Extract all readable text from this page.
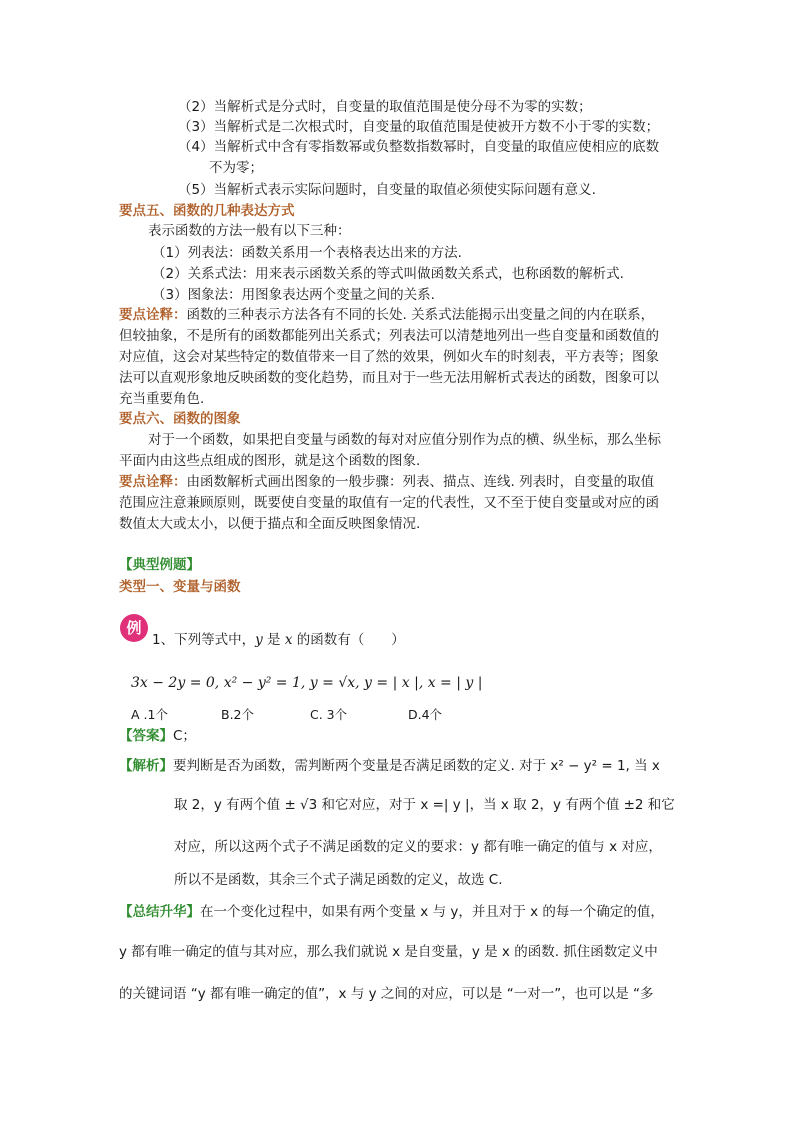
（2）当解析式是分式时，自变量的取值范围是使分母不为零的实数；
（3）当解析式是二次根式时，自变量的取值范围是使被开方数不小于零的实数；
（4）当解析式中含有零指数幂或负整数指数幂时，自变量的取值应使相应的底数
不为零；
（5）当解析式表示实际问题时，自变量的取值必须使实际问题有意义.
要点五、函数的几种表达方式
表示函数的方法一般有以下三种：
（1）列表法：函数关系用一个表格表达出来的方法.
（2）关系式法：用来表示函数关系的等式叫做函数关系式，也称函数的解析式.
（3）图象法：用图象表达两个变量之间的关系.
要点诠释：函数的三种表示方法各有不同的长处. 关系式法能揭示出变量之间的内在联系，
但较抽象，不是所有的函数都能列出关系式；列表法可以清楚地列出一些自变量和函数值的
对应值，这会对某些特定的数值带来一目了然的效果，例如火车的时刻表，平方表等；图象
法可以直观形象地反映函数的变化趋势，而且对于一些无法用解析式表达的函数，图象可以
充当重要角色.
要点六、函数的图象
对于一个函数，如果把自变量与函数的每对对应值分别作为点的横、纵坐标，那么坐标
平面内由这些点组成的图形，就是这个函数的图象.
要点诠释：由函数解析式画出图象的一般步骤：列表、描点、连线. 列表时，自变量的取值
范围应注意兼顾原则，既要使自变量的取值有一定的代表性，又不至于使自变量或对应的函
数值太大或太小，以便于描点和全面反映图象情况.
【典型例题】
类型一、变量与函数
例
1、下列等式中，y 是 x 的函数有（　　）
3x − 2y = 0, x² − y² = 1, y = √x, y = | x |, x = | y |
A .1个	B.2个	C. 3个	D.4个
【答案】C；
【解析】要判断是否为函数，需判断两个变量是否满足函数的定义. 对于 x² − y² = 1, 当 x
取 2，y 有两个值 ± √3 和它对应，对于 x =| y |，当 x 取 2，y 有两个值 ±2 和它
对应，所以这两个式子不满足函数的定义的要求：y 都有唯一确定的值与 x 对应，
所以不是函数，其余三个式子满足函数的定义，故选 C.
【总结升华】在一个变化过程中，如果有两个变量 x 与 y，并且对于 x 的每一个确定的值，
y 都有唯一确定的值与其对应，那么我们就说 x 是自变量，y 是 x 的函数. 抓住函数定义中
的关键词语 “y 都有唯一确定的值”，x 与 y 之间的对应，可以是 “一对一”，也可以是 “多
